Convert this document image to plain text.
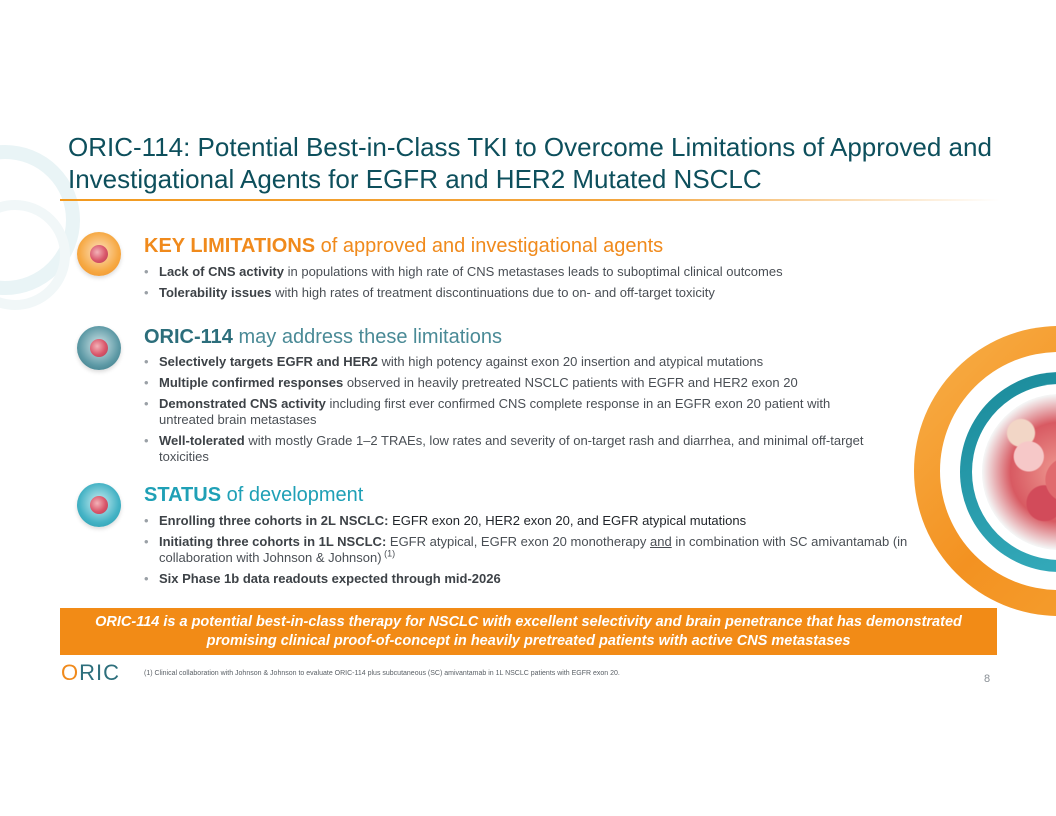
ORIC-114: Potential Best-in-Class TKI to Overcome Limitations of Approved and
Investigational Agents for EGFR and HER2 Mutated NSCLC
KEY LIMITATIONS of approved and investigational agents
• Lack of CNS activity in populations with high rate of CNS metastases leads to suboptimal clinical outcomes
• Tolerability issues with high rates of treatment discontinuations due to on- and off-target toxicity
ORIC-114 may address these limitations
• Selectively targets EGFR and HER2 with high potency against exon 20 insertion and atypical mutations
• Multiple confirmed responses observed in heavily pretreated NSCLC patients with EGFR and HER2 exon 20
• Demonstrated CNS activity including first ever confirmed CNS complete response in an EGFR exon 20 patient with untreated brain metastases
• Well-tolerated with mostly Grade 1–2 TRAEs, low rates and severity of on-target rash and diarrhea, and minimal off-target toxicities
STATUS of development
• Enrolling three cohorts in 2L NSCLC: EGFR exon 20, HER2 exon 20, and EGFR atypical mutations
• Initiating three cohorts in 1L NSCLC: EGFR atypical, EGFR exon 20 monotherapy and in combination with SC amivantamab (in collaboration with Johnson & Johnson) $^{(1)}$
• Six Phase 1b data readouts expected through mid-2026
ORIC-114 is a potential best-in-class therapy for NSCLC with excellent selectivity and brain penetrance that has demonstrated
promising clinical proof-of-concept in heavily pretreated patients with active CNS metastases
ORIC	(1) Clinical collaboration with Johnson & Johnson to evaluate ORIC-114 plus subcutaneous (SC) amivantamab in 1L NSCLC patients with EGFR exon 20.	8
